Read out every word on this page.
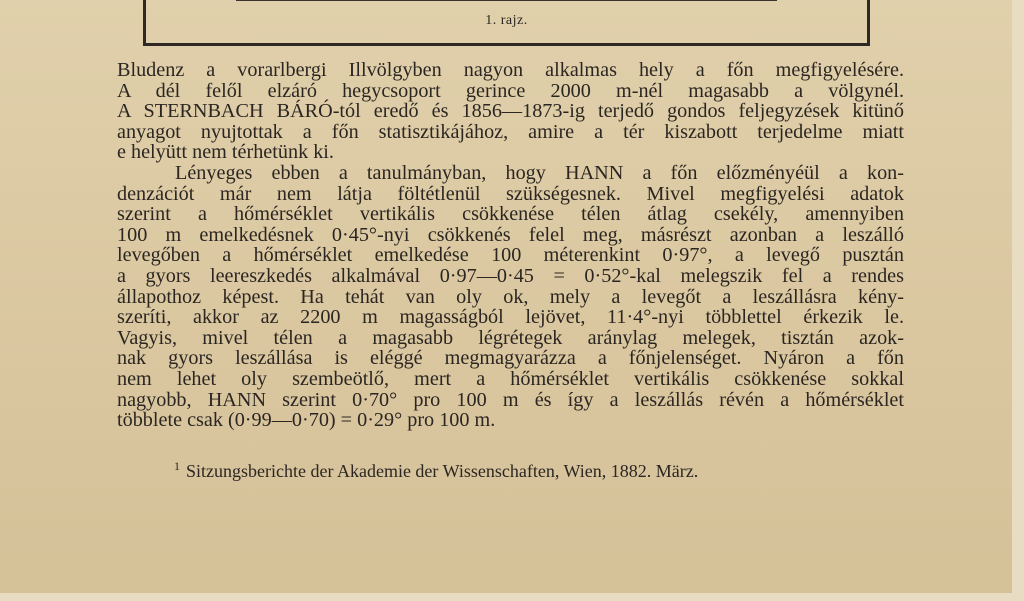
1. rajz.
Bludenz a vorarlbergi Illvölgyben nagyon alkalmas hely a főn megfigyelésére.
A dél felől elzáró hegycsoport gerince 2000 m-nél magasabb a völgynél.
A STERNBACH BÁRÓ-tól eredő és 1856—1873-ig terjedő gondos feljegyzések kitünő
anyagot nyujtottak a főn statisztikájához, amire a tér kiszabott terjedelme miatt
e helyütt nem térhetünk ki.
Lényeges ebben a tanulmányban, hogy HANN a főn előzményéül a kon-
denzációt már nem látja föltétlenül szükségesnek. Mivel megfigyelési adatok
szerint a hőmérséklet vertikális csökkenése télen átlag csekély, amennyiben
100 m emelkedésnek 0·45°-nyi csökkenés felel meg, másrészt azonban a leszálló
levegőben a hőmérséklet emelkedése 100 méterenkint 0·97°, a levegő pusztán
a gyors leereszkedés alkalmával 0·97—0·45 = 0·52°-kal melegszik fel a rendes
állapothoz képest. Ha tehát van oly ok, mely a levegőt a leszállásra kény-
szeríti, akkor az 2200 m magasságból lejövet, 11·4°-nyi többlettel érkezik le.
Vagyis, mivel télen a magasabb légrétegek aránylag melegek, tisztán azok-
nak gyors leszállása is eléggé megmagyarázza a főnjelenséget. Nyáron a főn
nem lehet oly szembeötlő, mert a hőmérséklet vertikális csökkenése sokkal
nagyobb, HANN szerint 0·70° pro 100 m és így a leszállás révén a hőmérséklet
többlete csak (0·99—0·70) = 0·29° pro 100 m.
$^1$ Sitzungsberichte der Akademie der Wissenschaften, Wien, 1882. März.
